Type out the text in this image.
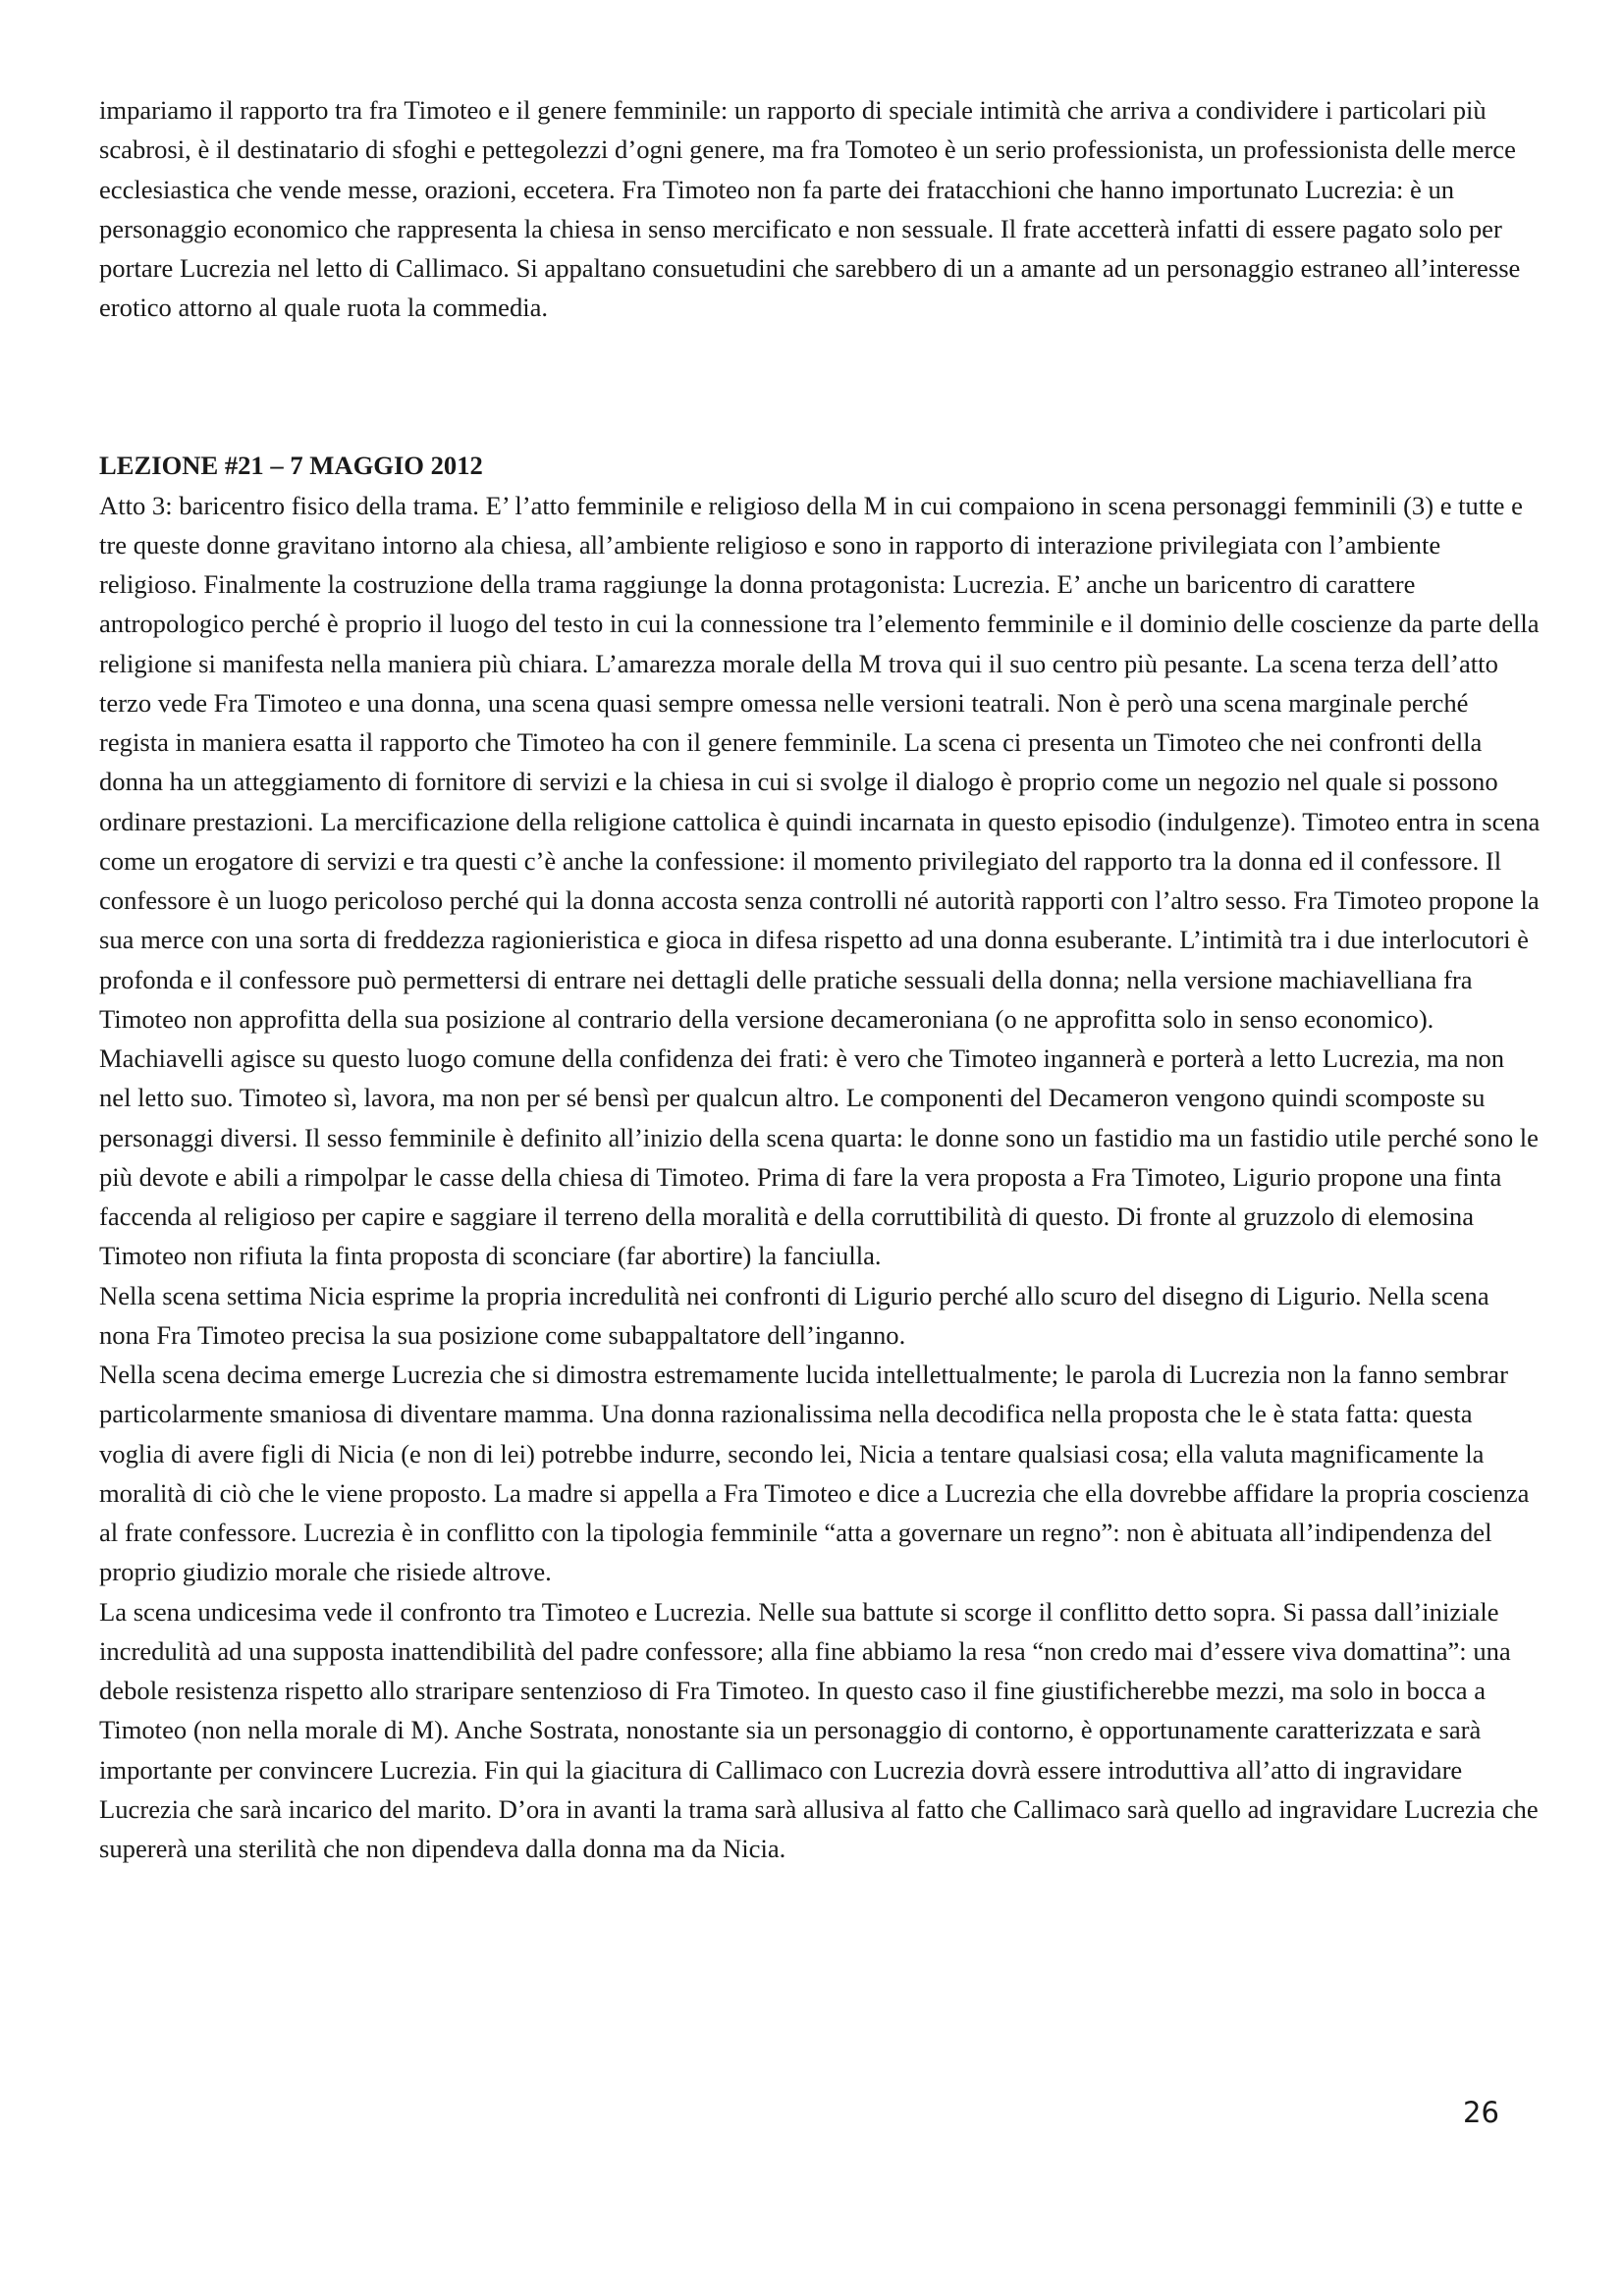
impariamo il rapporto tra fra Timoteo e il genere femminile: un rapporto di speciale intimità che arriva a condividere i particolari più scabrosi, è il destinatario di sfoghi e pettegolezzi d’ogni genere, ma fra Tomoteo è un serio professionista, un professionista delle merce ecclesiastica che vende messe, orazioni, eccetera. Fra Timoteo non fa parte dei fratacchioni che hanno importunato Lucrezia: è un personaggio economico che rappresenta la chiesa in senso mercificato e non sessuale. Il frate accetterà infatti di essere pagato solo per portare Lucrezia nel letto di Callimaco. Si appaltano consuetudini che sarebbero di un a amante ad un personaggio estraneo all’interesse erotico attorno al quale ruota la commedia.

LEZIONE #21 – 7 MAGGIO 2012

Atto 3: baricentro fisico della trama. E’ l’atto femminile e religioso della M in cui compaiono in scena personaggi femminili (3) e tutte e tre queste donne gravitano intorno ala chiesa, all’ambiente religioso e sono in rapporto di interazione privilegiata con l’ambiente religioso. Finalmente la costruzione della trama raggiunge la donna protagonista: Lucrezia. E’ anche un baricentro di carattere antropologico perché è proprio il luogo del testo in cui la connessione tra l’elemento femminile e il dominio delle coscienze da parte della religione si manifesta nella maniera più chiara. L’amarezza morale della M trova qui il suo centro più pesante. La scena terza dell’atto terzo vede Fra Timoteo e una donna, una scena quasi sempre omessa nelle versioni teatrali. Non è però una scena marginale perché regista in maniera esatta il rapporto che Timoteo ha con il genere femminile. La scena ci presenta un Timoteo che nei confronti della donna ha un atteggiamento di fornitore di servizi e la chiesa in cui si svolge il dialogo è proprio come un negozio nel quale si possono ordinare prestazioni. La mercificazione della religione cattolica è quindi incarnata in questo episodio (indulgenze). Timoteo entra in scena come un erogatore di servizi e tra questi c’è anche la confessione: il momento privilegiato del rapporto tra la donna ed il confessore. Il confessore è un luogo pericoloso perché qui la donna accosta senza controlli né autorità rapporti con l’altro sesso. Fra Timoteo propone la sua merce con una sorta di freddezza ragionieristica e gioca in difesa rispetto ad una donna esuberante. L’intimità tra i due interlocutori è profonda e il confessore può permettersi di entrare nei dettagli delle pratiche sessuali della donna; nella versione machiavelliana fra Timoteo non approfitta della sua posizione al contrario della versione decameroniana (o ne approfitta solo in senso economico).

Machiavelli agisce su questo luogo comune della confidenza dei frati: è vero che Timoteo ingannerà e porterà a letto Lucrezia, ma non nel letto suo. Timoteo sì, lavora, ma non per sé bensì per qualcun altro. Le componenti del Decameron vengono quindi scomposte su personaggi diversi. Il sesso femminile è definito all’inizio della scena quarta: le donne sono un fastidio ma un fastidio utile perché sono le più devote e abili a rimpolpar le casse della chiesa di Timoteo. Prima di fare la vera proposta a Fra Timoteo, Ligurio propone una finta faccenda al religioso per capire e saggiare il terreno della moralità e della corruttibilità di questo. Di fronte al gruzzolo di elemosina Timoteo non rifiuta la finta proposta di sconciare (far abortire) la fanciulla.

Nella scena settima Nicia esprime la propria incredulità nei confronti di Ligurio perché allo scuro del disegno di Ligurio. Nella scena nona Fra Timoteo precisa la sua posizione come subappaltatore dell’inganno.

Nella scena decima emerge Lucrezia che si dimostra estremamente lucida intellettualmente; le parola di Lucrezia non la fanno sembrar particolarmente smaniosa di diventare mamma. Una donna razionalissima nella decodifica nella proposta che le è stata fatta: questa voglia di avere figli di Nicia (e non di lei) potrebbe indurre, secondo lei, Nicia a tentare qualsiasi cosa; ella valuta magnificamente la moralità di ciò che le viene proposto. La madre si appella a Fra Timoteo e dice a Lucrezia che ella dovrebbe affidare la propria coscienza al frate confessore. Lucrezia è in conflitto con la tipologia femminile “atta a governare un regno”: non è abituata all’indipendenza del proprio giudizio morale che risiede altrove.

La scena undicesima vede il confronto tra Timoteo e Lucrezia. Nelle sua battute si scorge il conflitto detto sopra. Si passa dall’iniziale incredulità ad una supposta inattendibilità del padre confessore; alla fine abbiamo la resa “non credo mai d’essere viva domattina”: una debole resistenza rispetto allo straripare sentenzioso di Fra Timoteo. In questo caso il fine giustificherebbe mezzi, ma solo in bocca a Timoteo (non nella morale di M). Anche Sostrata, nonostante sia un personaggio di contorno, è opportunamente caratterizzata e sarà importante per convincere Lucrezia. Fin qui la giacitura di Callimaco con Lucrezia dovrà essere introduttiva all’atto di ingravidare Lucrezia che sarà incarico del marito. D’ora in avanti la trama sarà allusiva al fatto che Callimaco sarà quello ad ingravidare Lucrezia che supererà una sterilità che non dipendeva dalla donna ma da Nicia.

26
